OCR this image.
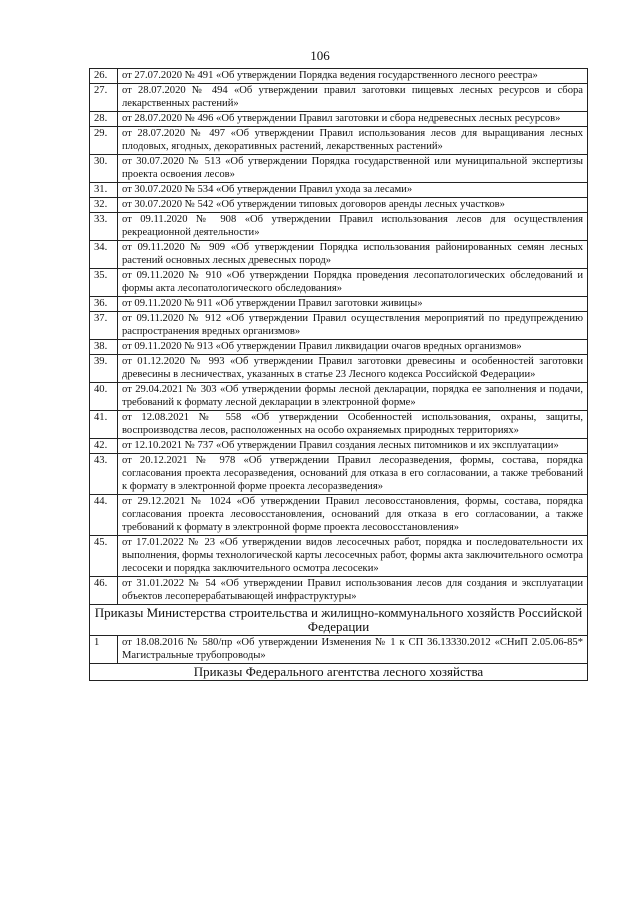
106
26.	от 27.07.2020 № 491 «Об утверждении Порядка ведения государственного лесного реестра»
27.	от 28.07.2020 № 494 «Об утверждении правил заготовки пищевых лесных ресурсов и сбора лекарственных растений»
28.	от 28.07.2020 № 496 «Об утверждении Правил заготовки и сбора недревесных лесных ресурсов»
29.	от 28.07.2020 № 497 «Об утверждении Правил использования лесов для выращивания лесных плодовых, ягодных, декоративных растений, лекарственных растений»
30.	от 30.07.2020 № 513 «Об утверждении Порядка государственной или муниципальной экспертизы проекта освоения лесов»
31.	от 30.07.2020 № 534 «Об утверждении Правил ухода за лесами»
32.	от 30.07.2020 № 542 «Об утверждении типовых договоров аренды лесных участков»
33.	от 09.11.2020 № 908 «Об утверждении Правил использования лесов для осуществления рекреационной деятельности»
34.	от 09.11.2020 № 909 «Об утверждении Порядка использования районированных семян лесных растений основных лесных древесных пород»
35.	от 09.11.2020 № 910 «Об утверждении Порядка проведения лесопатологических обследований и формы акта лесопатологического обследования»
36.	от 09.11.2020 № 911 «Об утверждении Правил заготовки живицы»
37.	от 09.11.2020 № 912 «Об утверждении Правил осуществления мероприятий по предупреждению распространения вредных организмов»
38.	от 09.11.2020 № 913 «Об утверждении Правил ликвидации очагов вредных организмов»
39.	от 01.12.2020 № 993 «Об утверждении Правил заготовки древесины и особенностей заготовки древесины в лесничествах, указанных в статье 23 Лесного кодекса Российской Федерации»
40.	от 29.04.2021 № 303 «Об утверждении формы лесной декларации, порядка ее заполнения и подачи, требований к формату лесной декларации в электронной форме»
41.	от 12.08.2021 № 558 «Об утверждении Особенностей использования, охраны, защиты, воспроизводства лесов, расположенных на особо охраняемых природных территориях»
42.	от 12.10.2021 № 737 «Об утверждении Правил создания лесных питомников и их эксплуатации»
43.	от 20.12.2021 № 978 «Об утверждении Правил лесоразведения, формы, состава, порядка согласования проекта лесоразведения, оснований для отказа в его согласовании, а также требований к формату в электронной форме проекта лесоразведения»
44.	от 29.12.2021 № 1024 «Об утверждении Правил лесовосстановления, формы, состава, порядка согласования проекта лесовосстановления, оснований для отказа в его согласовании, а также требований к формату в электронной форме проекта лесовосстановления»
45.	от 17.01.2022 № 23 «Об утверждении видов лесосечных работ, порядка и последовательности их выполнения, формы технологической карты лесосечных работ, формы акта заключительного осмотра лесосеки и порядка заключительного осмотра лесосеки»
46.	от 31.01.2022 № 54 «Об утверждении Правил использования лесов для создания и эксплуатации объектов лесоперерабатывающей инфраструктуры»
Приказы Министерства строительства и жилищно-коммунального хозяйств Российской Федерации	
1	от 18.08.2016 № 580/пр «Об утверждении Изменения № 1 к СП 36.13330.2012 «СНиП 2.05.06-85* Магистральные трубопроводы»
Приказы Федерального агентства лесного хозяйства	
